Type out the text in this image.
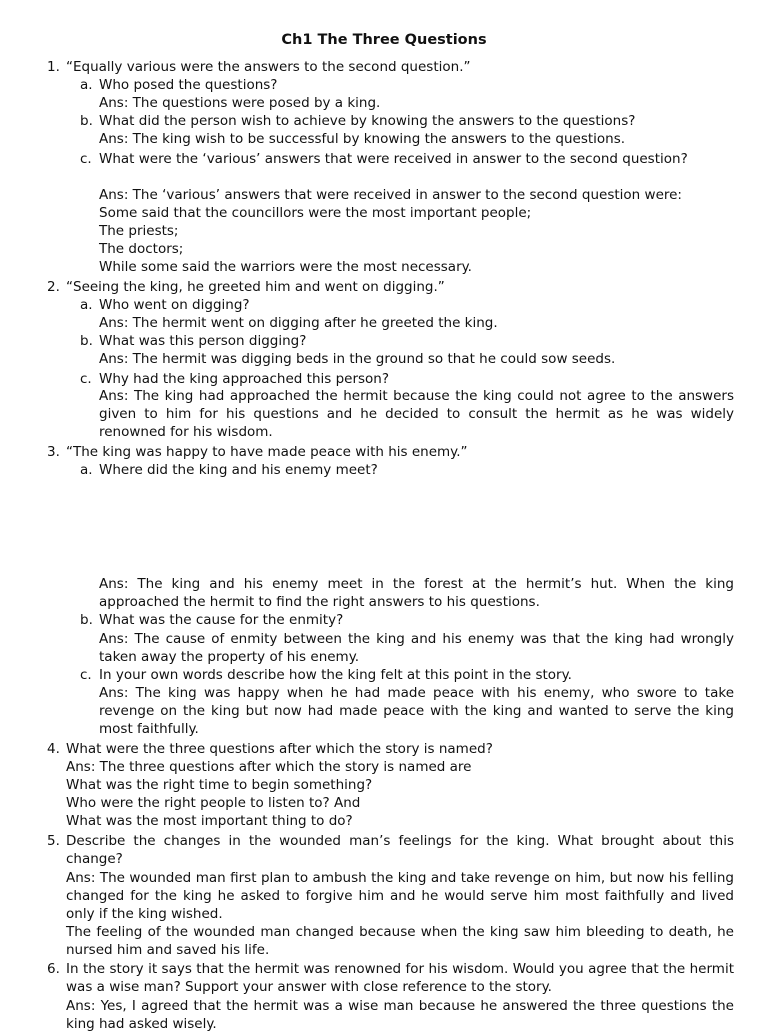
Ch1 The Three Questions
1. “Equally various were the answers to the second question.”
a. Who posed the questions?
Ans: The questions were posed by a king.
b. What did the person wish to achieve by knowing the answers to the questions?
Ans: The king wish to be successful by knowing the answers to the questions.
c. What were the ‘various’ answers that were received in answer to the second question?
Ans: The ‘various’ answers that were received in answer to the second question were:
Some said that the councillors were the most important people;
The priests;
The doctors;
While some said the warriors were the most necessary.
2. “Seeing the king, he greeted him and went on digging.”
a. Who went on digging?
Ans: The hermit went on digging after he greeted the king.
b. What was this person digging?
Ans: The hermit was digging beds in the ground so that he could sow seeds.
c. Why had the king approached this person?
Ans: The king had approached the hermit because the king could not agree to the answers given to him for his questions and he decided to consult the hermit as he was widely renowned for his wisdom.
3. “The king was happy to have made peace with his enemy.”
a. Where did the king and his enemy meet?
Ans: The king and his enemy meet in the forest at the hermit’s hut. When the king approached the hermit to find the right answers to his questions.
b. What was the cause for the enmity?
Ans: The cause of enmity between the king and his enemy was that the king had wrongly taken away the property of his enemy.
c. In your own words describe how the king felt at this point in the story.
Ans: The king was happy when he had made peace with his enemy, who swore to take revenge on the king but now had made peace with the king and wanted to serve the king most faithfully.
4. What were the three questions after which the story is named?
Ans: The three questions after which the story is named are
What was the right time to begin something?
Who were the right people to listen to? And
What was the most important thing to do?
5. Describe the changes in the wounded man’s feelings for the king. What brought about this change?
Ans: The wounded man first plan to ambush the king and take revenge on him, but now his felling changed for the king he asked to forgive him and he would serve him most faithfully and lived only if the king wished.
The feeling of the wounded man changed because when the king saw him bleeding to death, he nursed him and saved his life.
6. In the story it says that the hermit was renowned for his wisdom. Would you agree that the hermit was a wise man? Support your answer with close reference to the story.
Ans: Yes, I agreed that the hermit was a wise man because he answered the three questions the king had asked wisely.
